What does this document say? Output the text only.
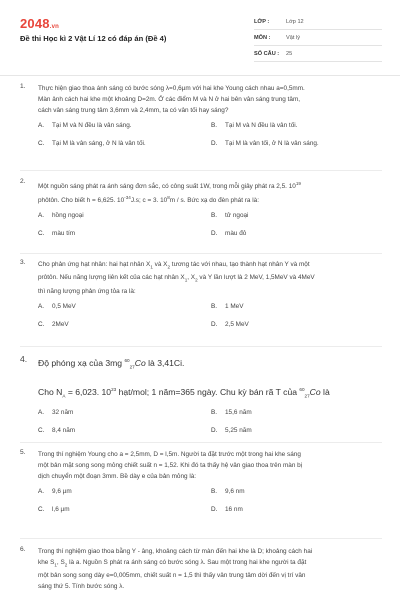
2048.vn
Đề thi Học kì 2 Vật Lí 12 có đáp án (Đề 4)
LỚP :	Lớp 12
MÔN :	Vật lý
SỐ CÂU :	25
1. Thực hiện giao thoa ánh sáng có bước sóng λ=0,6µm với hai khe Young cách nhau a=0,5mm.
Màn ảnh cách hai khe một khoảng D=2m. Ở các điểm M và N ở hai bên vân sáng trung tâm,
cách vân sáng trung tâm 3,6mm và 2,4mm, ta có vân tối hay sáng?
A. Tại M và N đều là vân sáng.	B. Tại M và N đều là vân tối.
C. Tại M là vân sáng, ở N là vân tối.	D. Tại M là vân tối, ở N là vân sáng.
2.
Một nguồn sáng phát ra ánh sáng đơn sắc, có công suất 1W, trong mỗi giây phát ra 2,5. $10^{19}$
phôtôn. Cho biết h = 6,625. $10^{-34}J.s$; c = 3. $10^8m$ / s. Bức xạ do đèn phát ra là:
A. hồng ngoại	B. tử ngoại
C. màu tím	D. màu đỏ
3. Cho phản ứng hạt nhân: hai hạt nhân $X_1$ và $X_2$ tương tác với nhau, tạo thành hạt nhân Y và một
prôtôn. Nếu năng lượng liên kết của các hạt nhân $X_1$, $X_2$ và Y lần lượt là 2 MeV, 1,5MeV và 4MeV
thì năng lượng phản ứng tỏa ra là:
A. 0,5 MeV	B. 1 MeV
C. 2MeV	D. 2,5 MeV
4. Độ phóng xạ của 3mg $^{60}_{27}$Co là 3,41Ci.
Cho $N_A = 6,023$. $10^{23}$ hạt/mol; 1 năm=365 ngày. Chu kỳ bán rã T của $^{60}_{27}$Co là
A. 32 năm	B. 15,6 năm
C. 8,4 năm	D. 5,25 năm
5. Trong thí nghiệm Young cho a = 2,5mm, D = l,5m. Người ta đặt trước một trong hai khe sáng
một bản mặt song song mỏng chiết suất n = 1,52. Khi đó ta thấy hệ vân giao thoa trên màn bị
dịch chuyển một đoạn 3mm. Bề dày e của bản mỏng là:
A. 9,6 µm	B. 9,6 nm
C. l,6 µm	D. 16 nm
6. Trong thí nghiệm giao thoa bằng Y - âng, khoảng cách từ màn đến hai khe là D; khoảng cách hai
khe $S_1$, $S_2$ là a. Nguồn S phát ra ánh sáng có bước sóng λ. Sau một trong hai khe người ta đặt
một bản song song dày e=0,005mm, chiết suất n = 1,5 thì thấy vân trung tâm dời đến vị trí vân
sáng thứ 5. Tính bước sóng λ.
